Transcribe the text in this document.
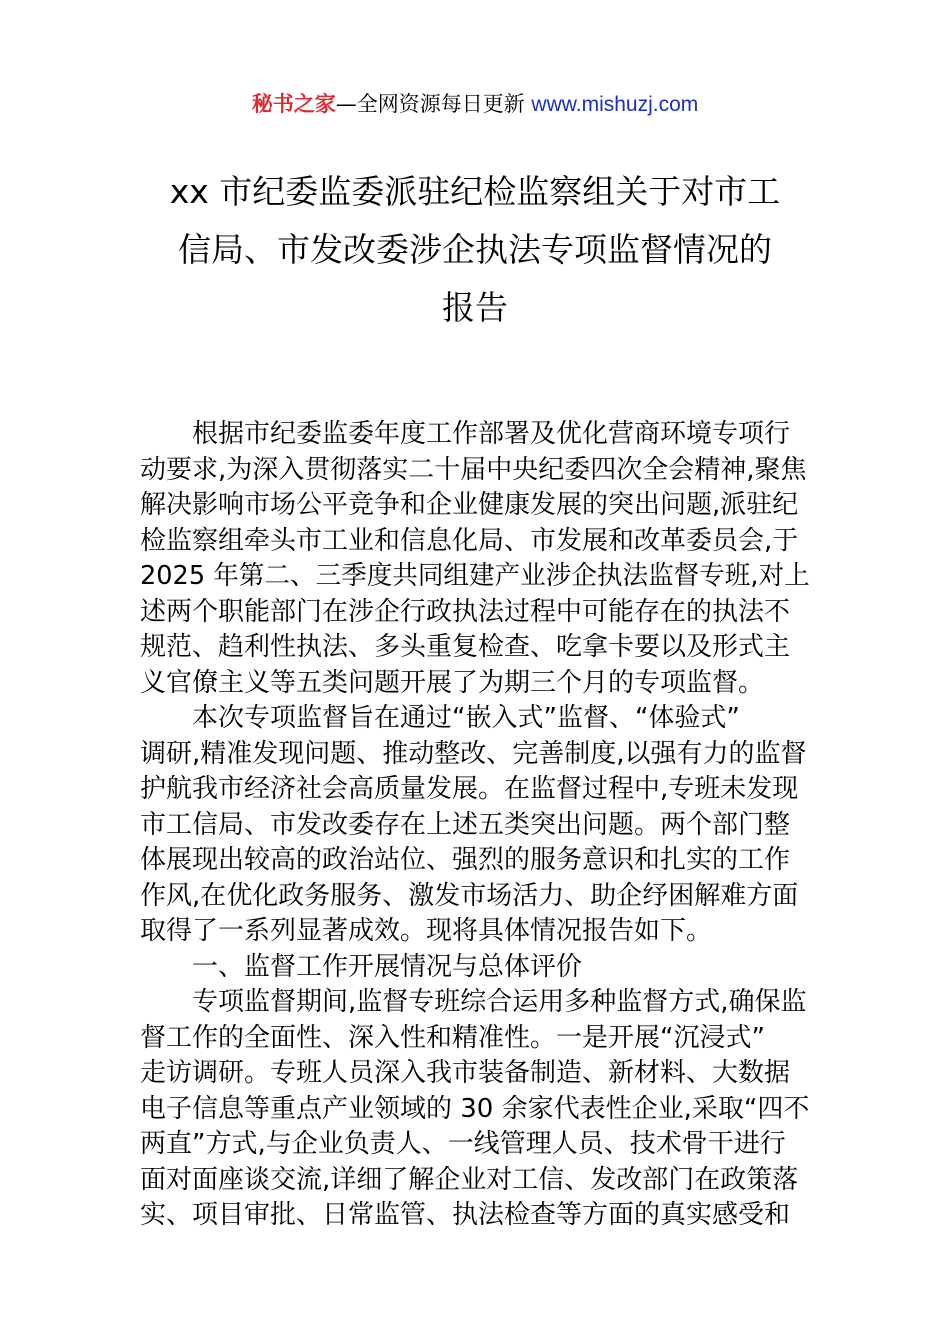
秘书之家—全网资源每日更新 www.mishuzj.com
xx 市纪委监委派驻纪检监察组关于对市工
信局、市发改委涉企执法专项监督情况的
报告
根据市纪委监委年度工作部署及优化营商环境专项行
动要求,为深入贯彻落实二十届中央纪委四次全会精神,聚焦
解决影响市场公平竞争和企业健康发展的突出问题,派驻纪
检监察组牵头市工业和信息化局、市发展和改革委员会,于
2025 年第二、三季度共同组建产业涉企执法监督专班,对上
述两个职能部门在涉企行政执法过程中可能存在的执法不
规范、趋利性执法、多头重复检查、吃拿卡要以及形式主
义官僚主义等五类问题开展了为期三个月的专项监督。
本次专项监督旨在通过“嵌入式”监督、“体验式”
调研,精准发现问题、推动整改、完善制度,以强有力的监督
护航我市经济社会高质量发展。在监督过程中,专班未发现
市工信局、市发改委存在上述五类突出问题。两个部门整
体展现出较高的政治站位、强烈的服务意识和扎实的工作
作风,在优化政务服务、激发市场活力、助企纾困解难方面
取得了一系列显著成效。现将具体情况报告如下。
一、监督工作开展情况与总体评价
专项监督期间,监督专班综合运用多种监督方式,确保监
督工作的全面性、深入性和精准性。一是开展“沉浸式”
走访调研。专班人员深入我市装备制造、新材料、大数据
电子信息等重点产业领域的 30 余家代表性企业,采取“四不
两直”方式,与企业负责人、一线管理人员、技术骨干进行
面对面座谈交流,详细了解企业对工信、发改部门在政策落
实、项目审批、日常监管、执法检查等方面的真实感受和
